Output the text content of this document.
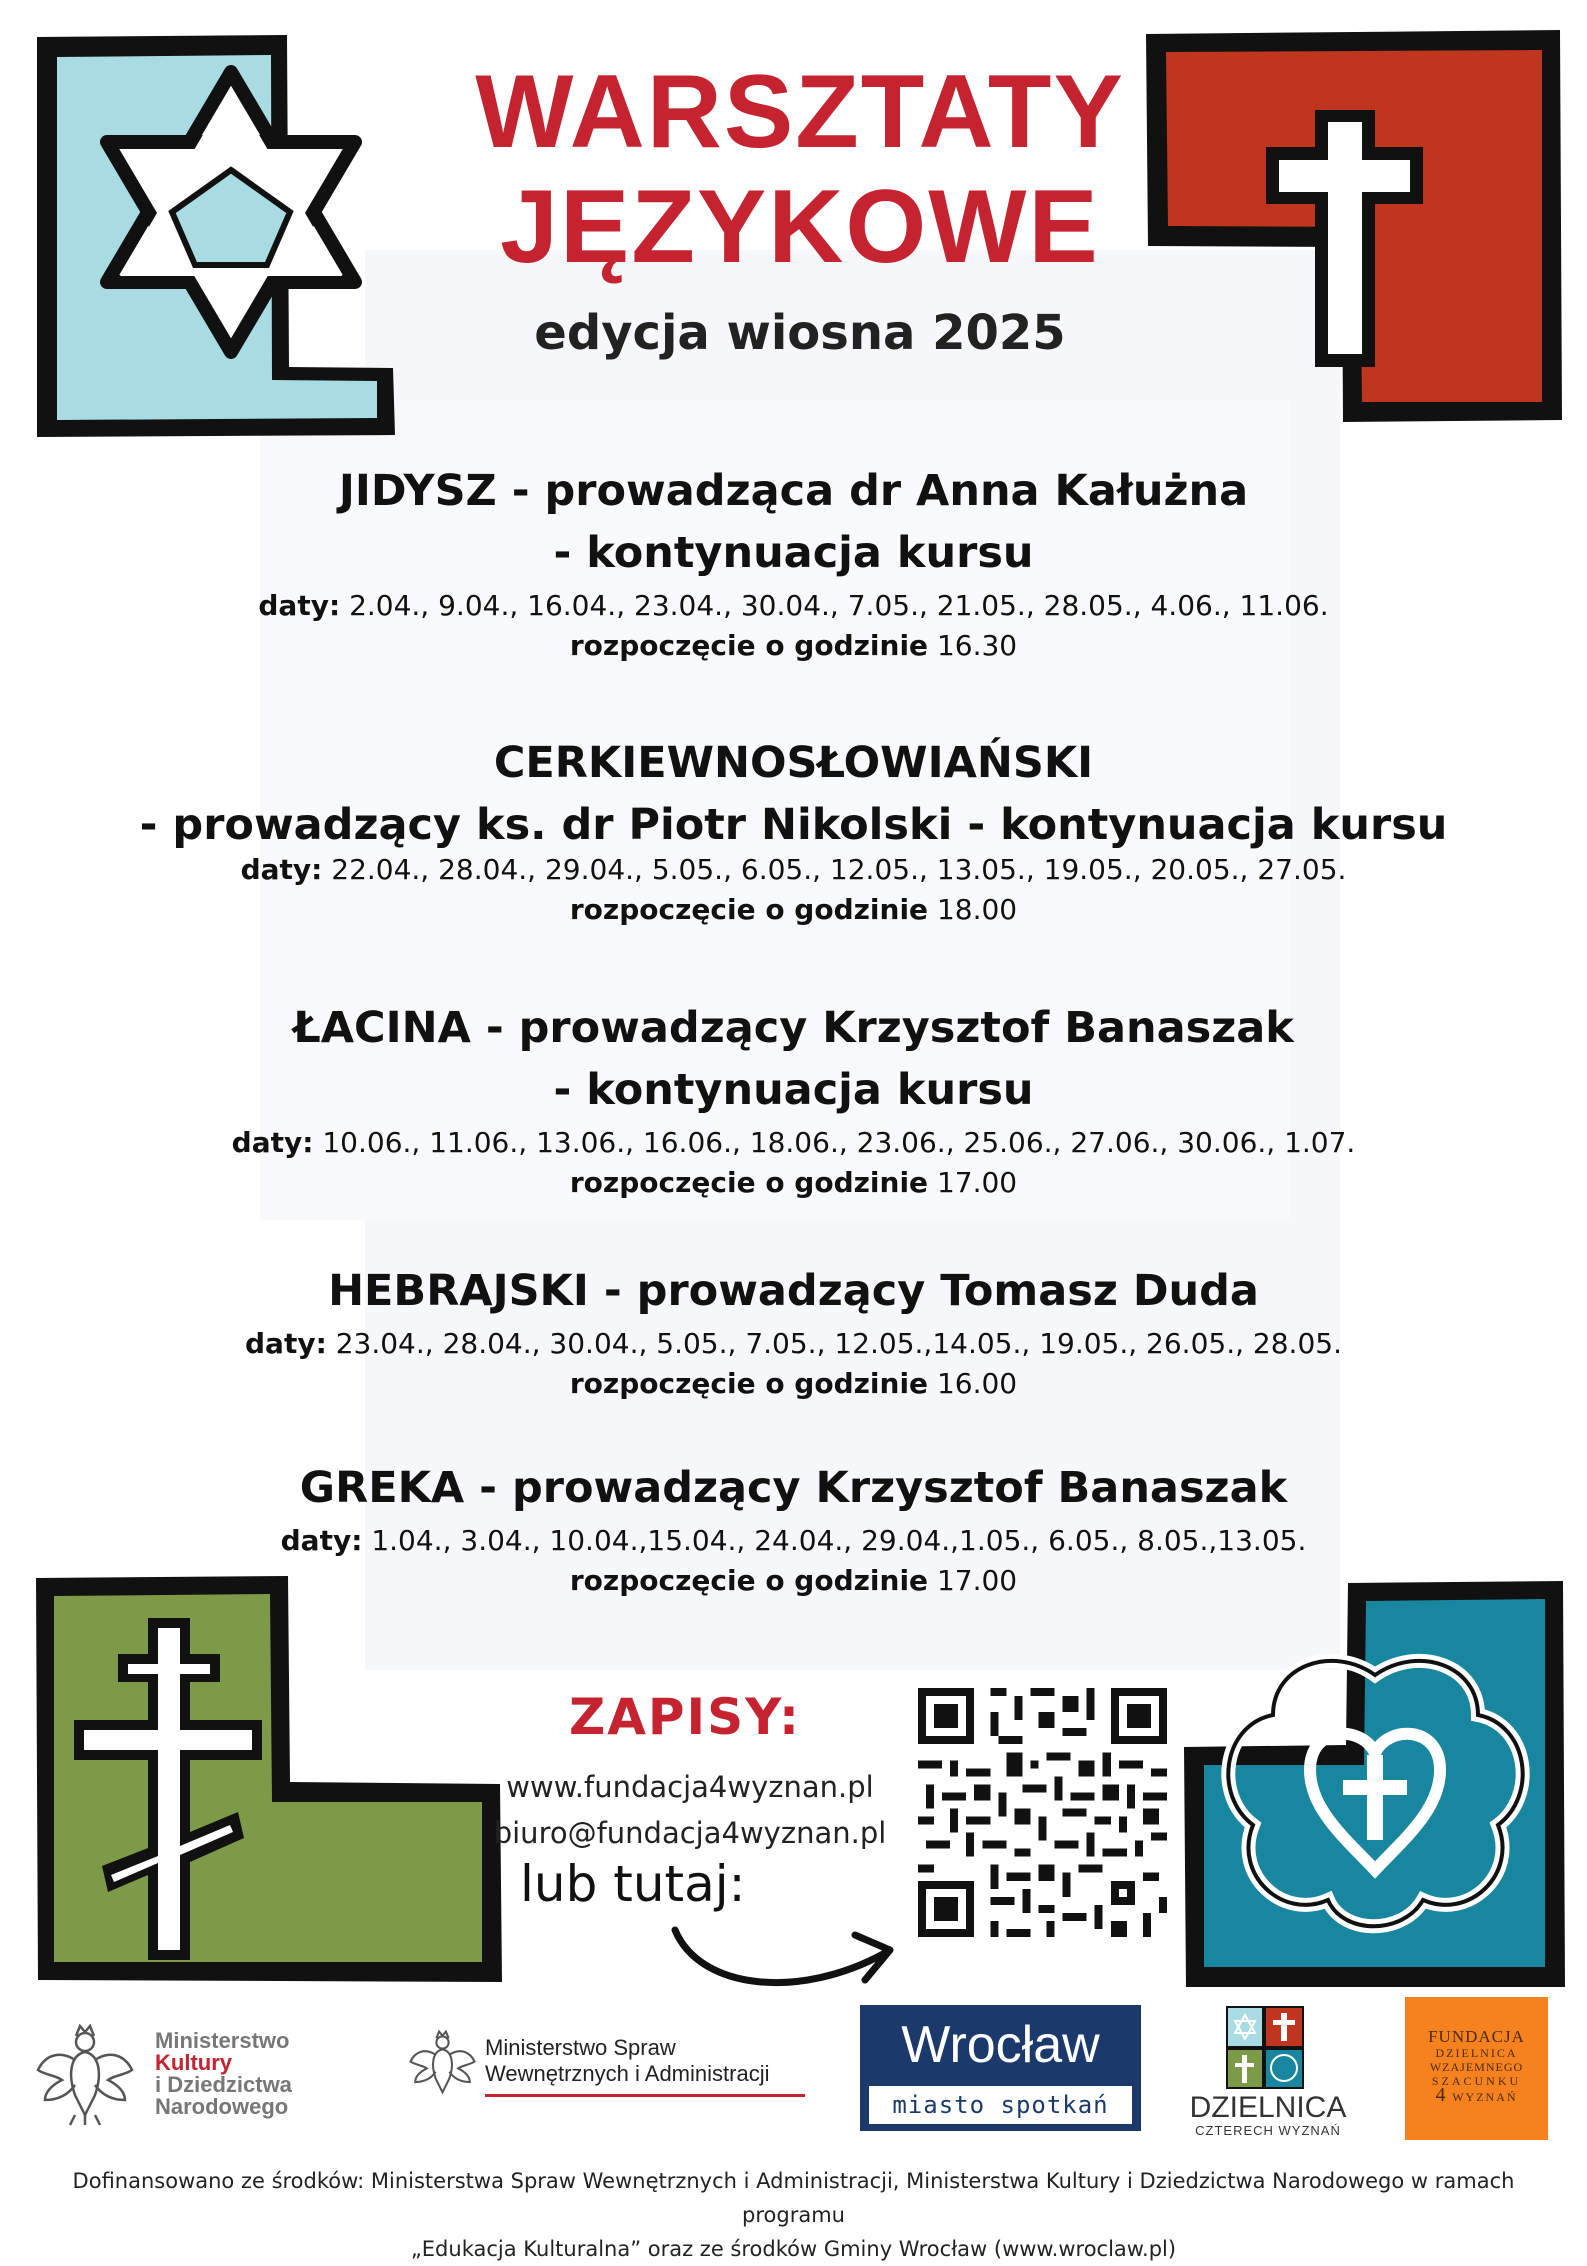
WARSZTATY
JĘZYKOWE
edycja wiosna 2025
JIDYSZ - prowadząca dr Anna Kałużna
- kontynuacja kursu
daty: 2.04., 9.04., 16.04., 23.04., 30.04., 7.05., 21.05., 28.05., 4.06., 11.06.
rozpoczęcie o godzinie 16.30
CERKIEWNOSŁOWIAŃSKI
- prowadzący ks. dr Piotr Nikolski - kontynuacja kursu
daty: 22.04., 28.04., 29.04., 5.05., 6.05., 12.05., 13.05., 19.05., 20.05., 27.05.
rozpoczęcie o godzinie 18.00
ŁACINA - prowadzący Krzysztof Banaszak
- kontynuacja kursu
daty: 10.06., 11.06., 13.06., 16.06., 18.06., 23.06., 25.06., 27.06., 30.06., 1.07.
rozpoczęcie o godzinie 17.00
HEBRAJSKI - prowadzący Tomasz Duda
daty: 23.04., 28.04., 30.04., 5.05., 7.05., 12.05.,14.05., 19.05., 26.05., 28.05.
rozpoczęcie o godzinie 16.00
GREKA - prowadzący Krzysztof Banaszak
daty: 1.04., 3.04., 10.04.,15.04., 24.04., 29.04.,1.05., 6.05., 8.05.,13.05.
rozpoczęcie o godzinie 17.00
ZAPISY:
www.fundacja4wyznan.pl
biuro@fundacja4wyznan.pl
lub tutaj:
Ministerstwo
Kultury
i Dziedzictwa
Narodowego
Ministerstwo Spraw
Wewnętrznych i Administracji	Wrocław
miasto spotkań	DZIELNICA
CZTERECH WYZNAŃ
FUNDACJA
DZIELNICA
WZAJEMNEGO
SZACUNKU
4 WYZNAŃ
Dofinansowano ze środków: Ministerstwa Spraw Wewnętrznych i Administracji, Ministerstwa Kultury i Dziedzictwa Narodowego w ramach programu
„Edukacja Kulturalna” oraz ze środków Gminy Wrocław (www.wroclaw.pl)
